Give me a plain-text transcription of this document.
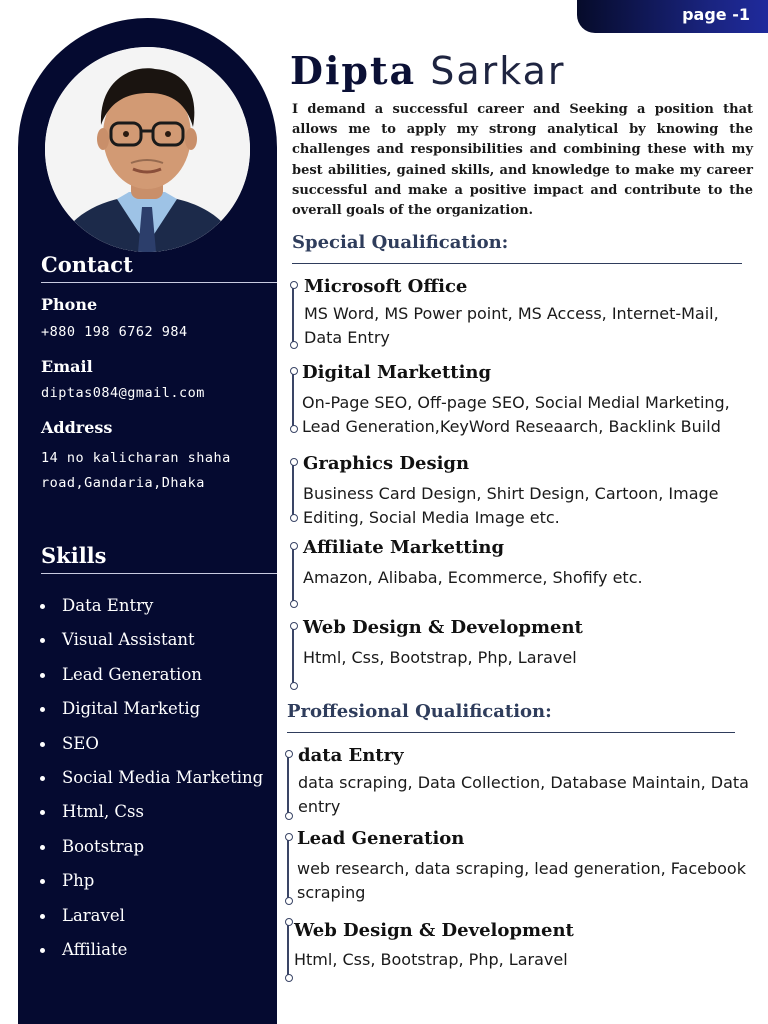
page -1
Contact
Phone
+880 198 6762 984
Email
diptas084@gmail.com
Address
14 no kalicharan shaha road,Gandaria,Dhaka
Skills
Data Entry
Visual Assistant
Lead Generation
Digital Marketig
SEO
Social Media Marketing
Html, Css
Bootstrap
Php
Laravel
Affiliate
Dipta Sarkar
I demand a successful career and Seeking a position that allows me to apply my strong analytical by knowing the challenges and responsibilities and combining these with my best abilities, gained skills, and knowledge to make my career successful and make a positive impact and contribute to the overall goals of the organization.
Special Qualification:
Microsoft Office
MS Word, MS Power point, MS Access, Internet-Mail, Data Entry
Digital Marketting
On-Page SEO, Off-page SEO, Social Medial Marketing, Lead Generation,KeyWord Reseaarch, Backlink Build
Graphics Design
Business Card Design, Shirt Design, Cartoon, Image Editing, Social Media Image etc.
Affiliate Marketting
Amazon, Alibaba, Ecommerce, Shofify etc.
Web Design & Development
Html, Css, Bootstrap, Php, Laravel
Proffesional Qualification:
data Entry
data scraping, Data Collection, Database Maintain, Data entry
Lead Generation
web research, data scraping, lead generation, Facebook scraping
Web Design & Development
Html, Css, Bootstrap, Php, Laravel
